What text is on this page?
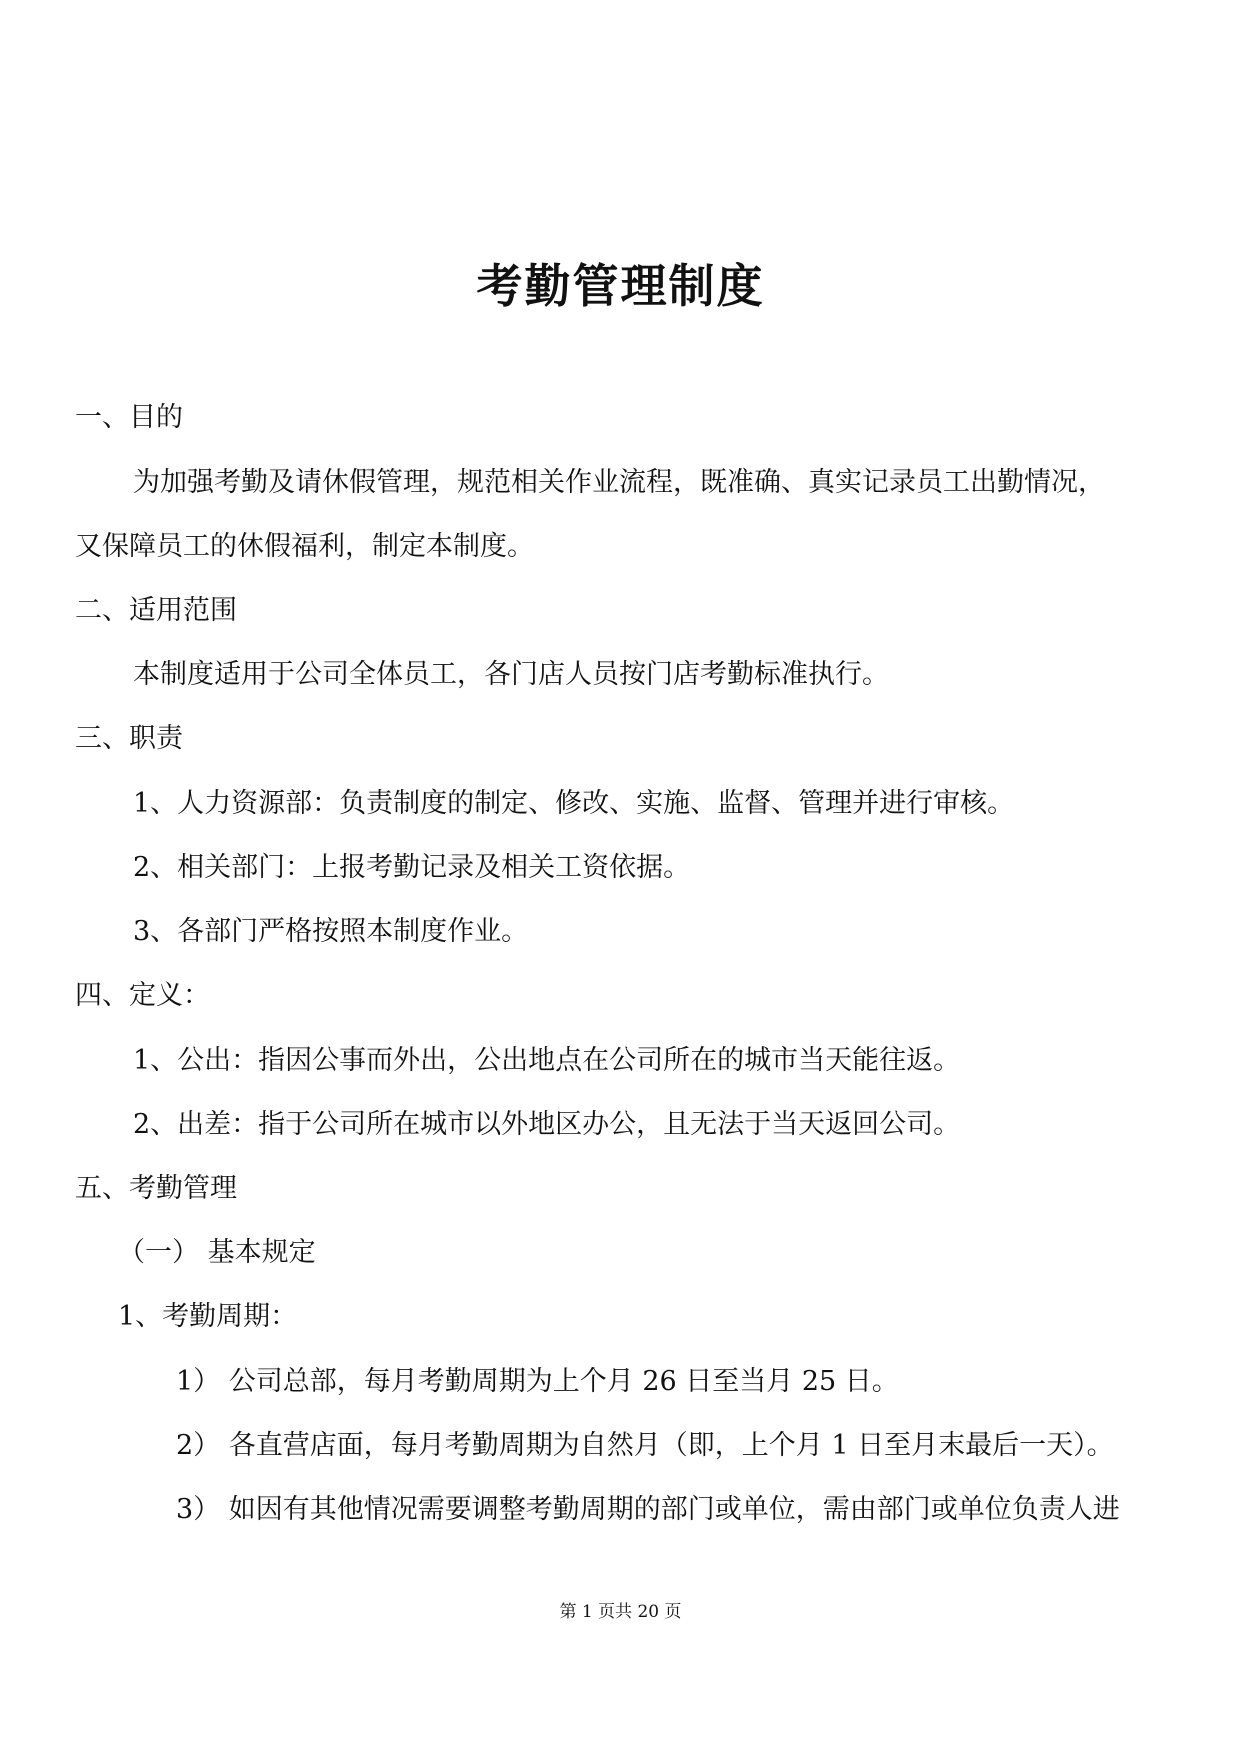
考勤管理制度
一、目的
为加强考勤及请休假管理，规范相关作业流程，既准确、真实记录员工出勤情况，
又保障员工的休假福利，制定本制度。
二、适用范围
本制度适用于公司全体员工，各门店人员按门店考勤标准执行。
三、职责
1、人力资源部：负责制度的制定、修改、实施、监督、管理并进行审核。
2、相关部门：上报考勤记录及相关工资依据。
3、各部门严格按照本制度作业。
四、定义：
1、公出：指因公事而外出，公出地点在公司所在的城市当天能往返。
2、出差：指于公司所在城市以外地区办公，且无法于当天返回公司。
五、考勤管理
（一） 基本规定
1、考勤周期：
1） 公司总部，每月考勤周期为上个月 26 日至当月 25 日。
2） 各直营店面，每月考勤周期为自然月（即，上个月 1 日至月末最后一天）。
3） 如因有其他情况需要调整考勤周期的部门或单位，需由部门或单位负责人进
第 1 页共 20 页
